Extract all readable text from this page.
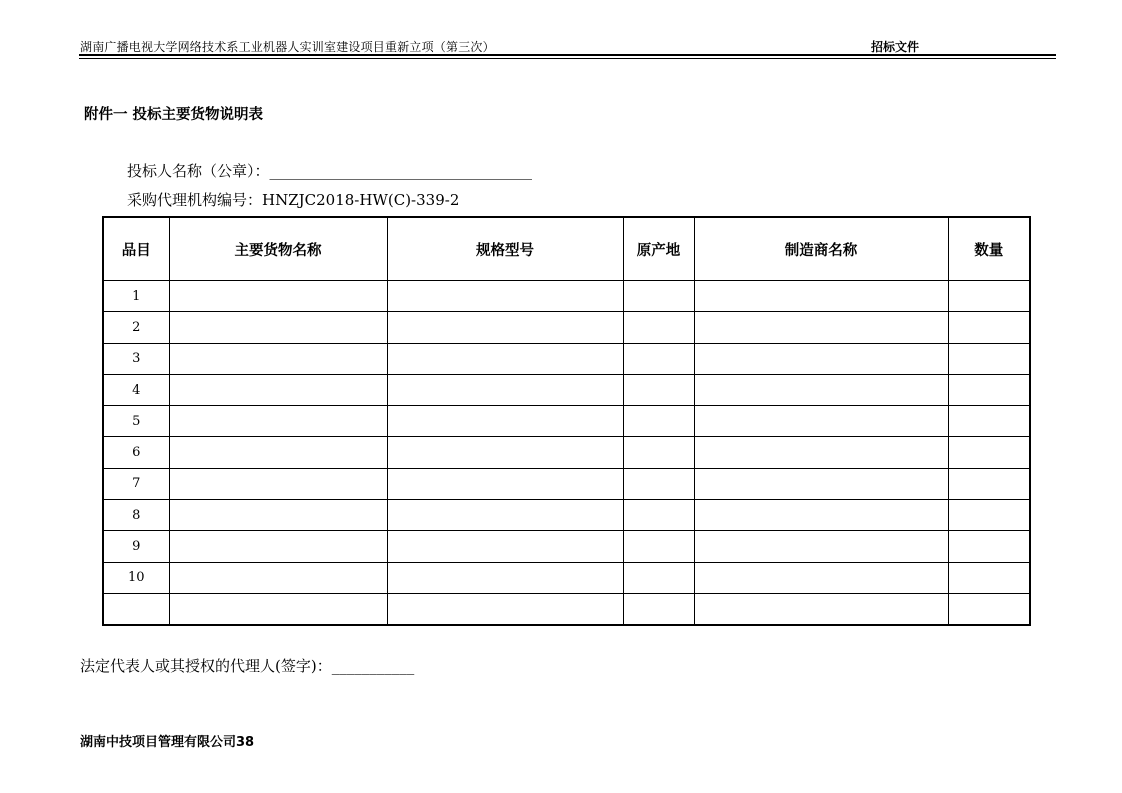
湖南广播电视大学网络技术系工业机器人实训室建设项目重新立项（第三次）	招标文件
附件一 投标主要货物说明表
投标人名称（公章）：___________________________________
采购代理机构编号：HNZJC2018-HW(C)-339-2
品目	主要货物名称	规格型号	原产地	制造商名称	数量
1					
2					
3					
4					
5					
6					
7					
8					
9					
10					

法定代表人或其授权的代理人(签字)：___________
湖南中技项目管理有限公司38
